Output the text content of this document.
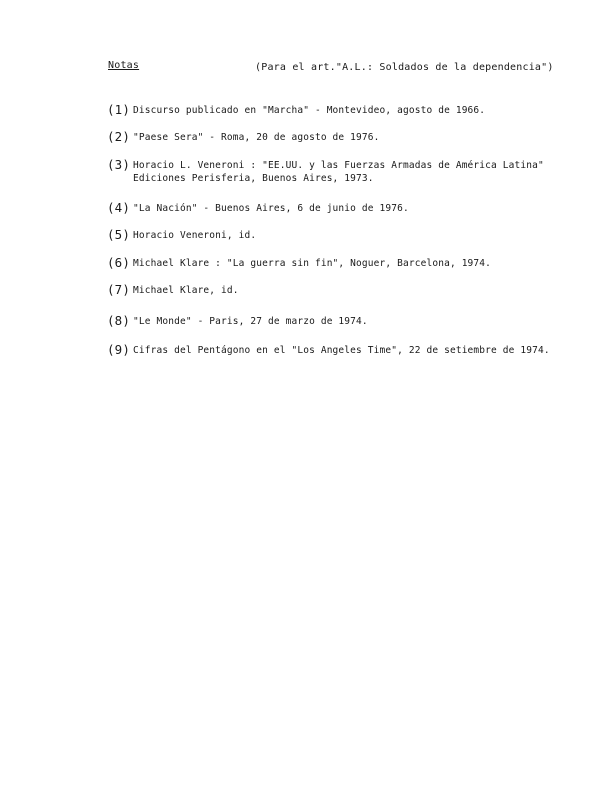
Notas	(Para el art."A.L.: Soldados de la dependencia")
(1) Discurso publicado en "Marcha" - Montevideo, agosto de 1966.
(2) "Paese Sera" - Roma, 20 de agosto de 1976.
(3) Horacio L. Veneroni : "EE.UU. y las Fuerzas Armadas de América Latina"
Ediciones Perisferia, Buenos Aires, 1973.
(4) "La Nación" - Buenos Aires, 6 de junio de 1976.
(5) Horacio Veneroni, id.
(6) Michael Klare : "La guerra sin fin", Noguer, Barcelona, 1974.
(7) Michael Klare, id.
(8) "Le Monde" - Paris, 27 de marzo de 1974.
(9) Cifras del Pentágono en el "Los Angeles Time", 22 de setiembre de 1974.
